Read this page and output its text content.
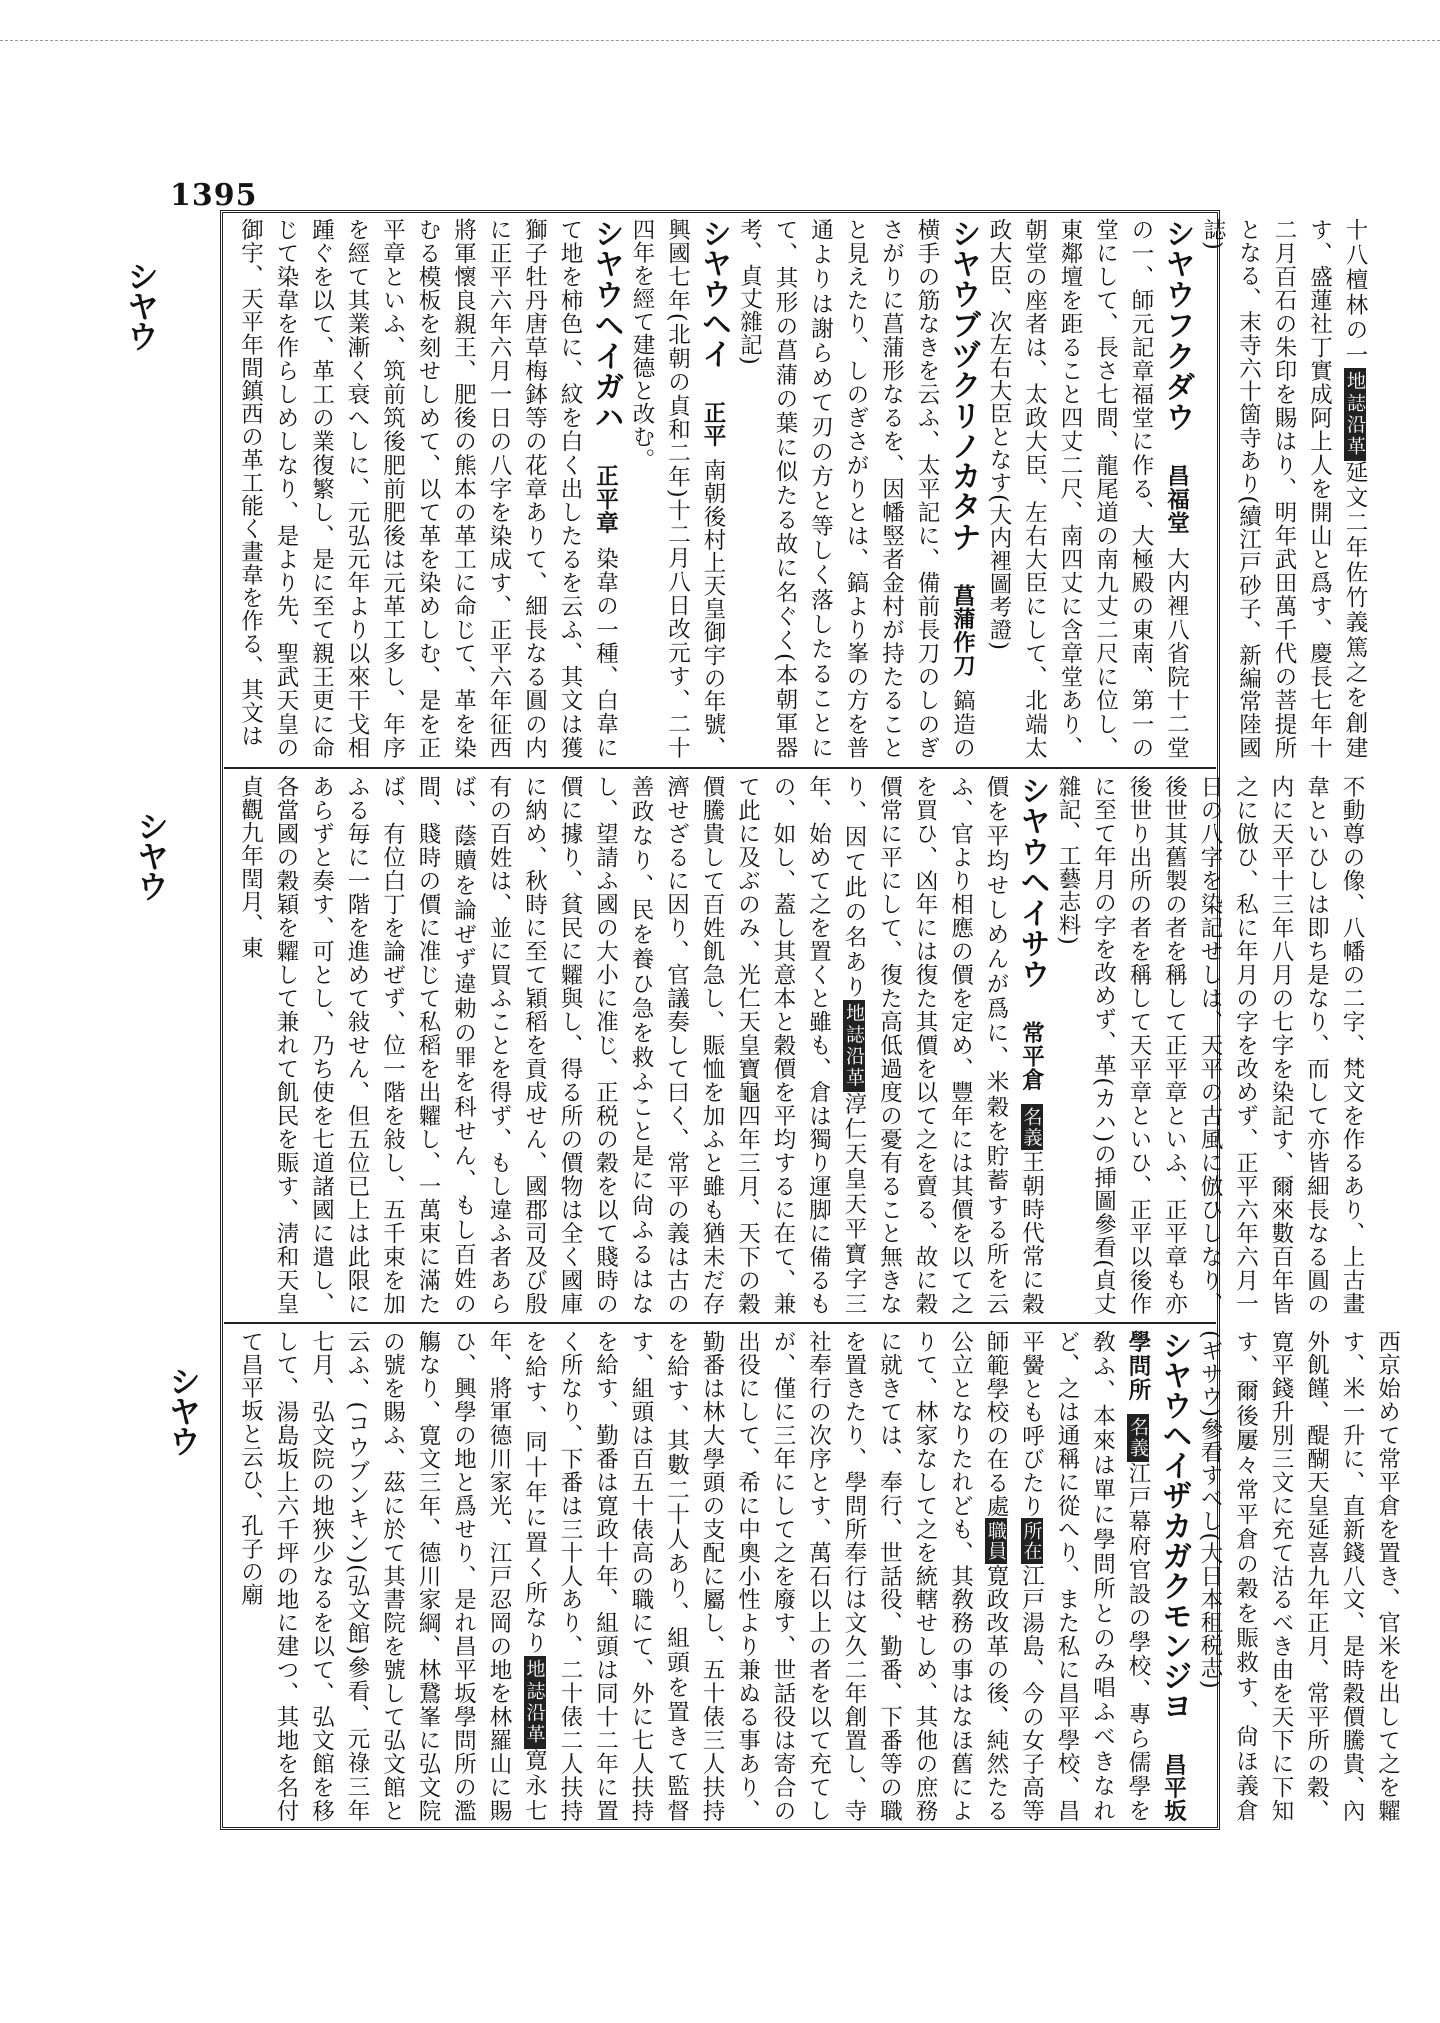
1395
シヤウ
シヤウ
シヤウ

十八檀林の一地誌沿革延文二年佐竹義篤之を創建す、盛蓮社丁實成阿上人を開山と爲す、慶長七年十二月百石の朱印を賜はり、明年武田萬千代の菩提所となる、末寺六十箇寺あり(續江戸砂子、新編常陸國誌)

シヤウフクダウ昌福堂大内裡八省院十二堂の一、師元記章福堂に作る、大極殿の東南、第一の堂にして、長さ七間、龍尾道の南九丈二尺に位し、東鄰壇を距ること四丈二尺、南四丈に含章堂あり、朝堂の座者は、太政大臣、左右大臣にして、北端太政大臣、次左右大臣となす(大内裡圖考證)

シヤウブヅクリノカタナ菖蒲作刀鎬造の横手の筋なきを云ふ、太平記に、備前長刀のしのぎさがりに菖蒲形なるを、因幡竪者金村が持たることと見えたり、しのぎさがりとは、鎬より峯の方を普通よりは謝らめて刃の方と等しく落したることにて、其形の菖蒲の葉に似たる故に名ぐく(本朝軍器考、貞丈雜記)

シヤウヘイ正平南朝後村上天皇御宇の年號、興國七年(北朝の貞和二年)十二月八日改元す、二十四年を經て建德と改む。

シヤウヘイガハ正平章染韋の一種、白韋にて地を柿色に、紋を白く出したるを云ふ、其文は獲獅子牡丹唐草梅鉢等の花章ありて、細長なる圓の内に正平六年六月一日の八字を染成す、正平六年征西將軍懷良親王、肥後の熊本の革工に命じて、革を染むる模板を刻せしめて、以て革を染めしむ、是を正平章といふ、筑前筑後肥前肥後は元革工多し、年序を經て其業漸く衰へしに、元弘元年より以來干戈相踵ぐを以て、革工の業復繁し、是に至て親王更に命じて染韋を作らしめしなり、是より先、聖武天皇の御宇、天平年間鎮西の革工能く畫韋を作る、其文は

不動尊の像、八幡の二字、梵文を作るあり、上古畫韋といひしは即ち是なり、而して亦皆細長なる圓の内に天平十三年八月の七字を染記す、爾來數百年皆之に倣ひ、私に年月の字を改めず、正平六年六月一日の八字を染記せしは、天平の古風に倣ひしなり、後世其舊製の者を稱して正平章といふ、正平章も亦後世り出所の者を稱して天平章といひ、正平以後作に至て年月の字を改めず、革(カハ)の挿圖參看(貞丈雜記、工藝志料)

シヤウヘイサウ常平倉名義王朝時代常に穀價を平均せしめんが爲に、米穀を貯蓄する所を云ふ、官より相應の價を定め、豐年には其價を以て之を買ひ、凶年には復た其價を以て之を賣る、故に穀價常に平にして、復た高低過度の憂有ること無きなり、因て此の名あり地誌沿革淳仁天皇天平寶字三年、始めて之を置くと雖も、倉は獨り運脚に備るもの、如し、蓋し其意本と穀價を平均するに在て、兼て此に及ぶのみ、光仁天皇寶龜四年三月、天下の穀價騰貴して百姓飢急し、賑恤を加ふと雖も猶未だ存濟せざるに因り、官議奏して曰く、常平の義は古の善政なり、民を養ひ急を救ふこと是に尙ふるはなし、望請ふ國の大小に准じ、正税の穀を以て賤時の價に據り、貧民に糶與し、得る所の價物は全く國庫に納め、秋時に至て穎稻を貢成せん、國郡司及び殷有の百姓は、並に買ふことを得ず、もし違ふ者あらば、蔭贖を論ぜず違勅の罪を科せん、もし百姓の間、賤時の價に准じて私稻を出糶し、一萬束に滿たば、有位白丁を論ぜず、位一階を敍し、五千束を加ふる毎に一階を進めて敍せん、但五位已上は此限にあらずと奏す、可とし、乃ち使を七道諸國に遣し、各當國の穀穎を糶して兼れて飢民を賑す、淸和天皇貞觀九年閏月、東

西京始めて常平倉を置き、官米を出して之を糶す、米一升に、直新錢八文、是時穀價騰貴、內外飢饉、醍醐天皇延喜九年正月、常平所の穀、寛平錢升別三文に充て沽るべき由を天下に下知す、爾後屢々常平倉の穀を賑救す、尙ほ義倉(ギサウ)參看すべし(大日本租税志)

シヤウヘイザカガクモンジヨ昌平坂學問所名義江戸幕府官設の學校、專ら儒學を敎ふ、本來は單に學問所とのみ唱ふべきなれど、之は通稱に從へり、また私に昌平學校、昌平黌とも呼びたり所在江戸湯島、今の女子高等師範學校の在る處職員寛政改革の後、純然たる公立となりたれども、其敎務の事はなほ舊によりて、林家なして之を統轄せしめ、其他の庶務に就きては、奉行、世話役、勤番、下番等の職を置きたり、學問所奉行は文久二年創置し、寺社奉行の次序とす、萬石以上の者を以て充てしが、僅に三年にして之を廢す、世話役は寄合の出役にして、希に中奧小性より兼ぬる事あり、勤番は林大學頭の支配に屬し、五十俵三人扶持を給す、其數二十人あり、組頭を置きて監督す、組頭は百五十俵高の職にて、外に七人扶持を給す、勤番は寛政十年、組頭は同十二年に置く所なり、下番は三十人あり、二十俵二人扶持を給す、同十年に置く所なり地誌沿革寛永七年、將軍德川家光、江戸忍岡の地を林羅山に賜ひ、興學の地と爲せり、是れ昌平坂學問所の濫觴なり、寛文三年、德川家綱、林鵞峯に弘文院の號を賜ふ、茲に於て其書院を號して弘文館と云ふ、(コウブンキン)(弘文館)參看、元祿三年七月、弘文院の地狹少なるを以て、弘文館を移して、湯島坂上六千坪の地に建つ、其地を名付て昌平坂と云ひ、孔子の廟
